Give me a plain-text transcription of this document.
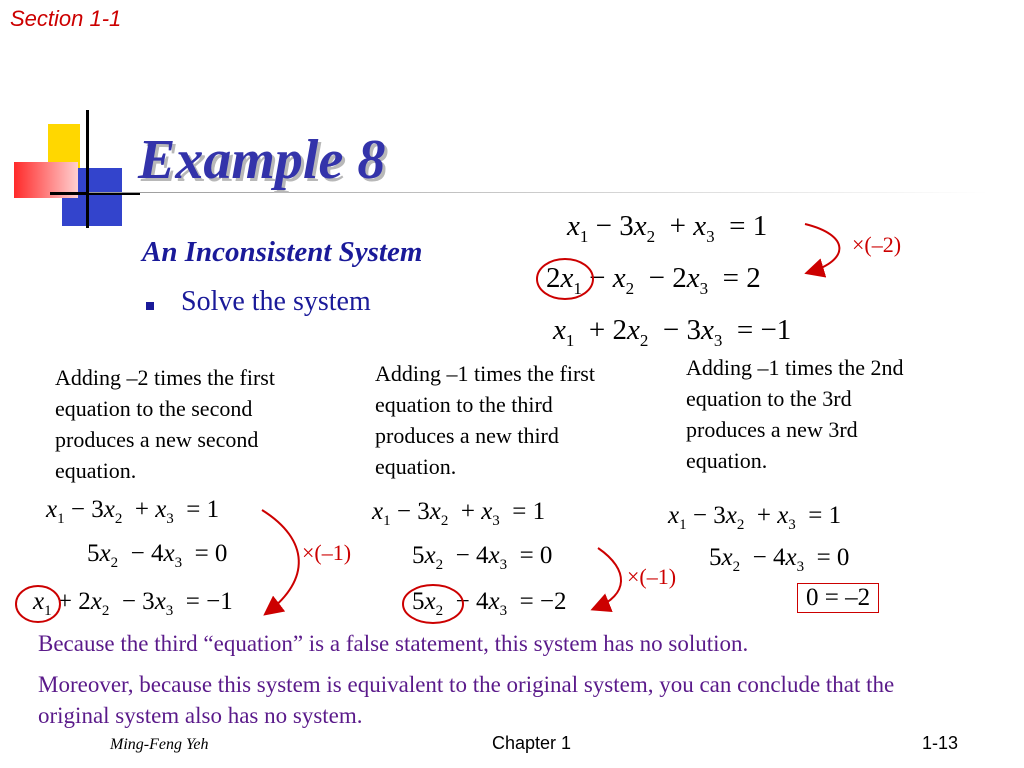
Section 1-1
Example 8
An Inconsistent System
Solve the system
$x_1 - 3x_2 + x_3 = 1$
$2x_1 - x_2 - 2x_3 = 2$
$x_1 + 2x_2 - 3x_3 = -1$
×(–2)
Adding –2 times the first equation to the second produces a new second equation.
Adding –1 times the first equation to the third produces a new third equation.
Adding –1 times the 2nd equation to the 3rd produces a new 3rd equation.
$x_1 - 3x_2 + x_3 = 1$
$5x_2 - 4x_3 = 0$
$x_1 + 2x_2 - 3x_3 = -1$
×(–1)
$x_1 - 3x_2 + x_3 = 1$
$5x_2 - 4x_3 = 0$
$5x_2 - 4x_3 = -2$
×(–1)
$x_1 - 3x_2 + x_3 = 1$
$5x_2 - 4x_3 = 0$
0 = –2
Because the third “equation” is a false statement, this system has no solution.
Moreover, because this system is equivalent to the original system, you can conclude that the original system also has no system.
Ming-Feng Yeh	Chapter 1	1-13
